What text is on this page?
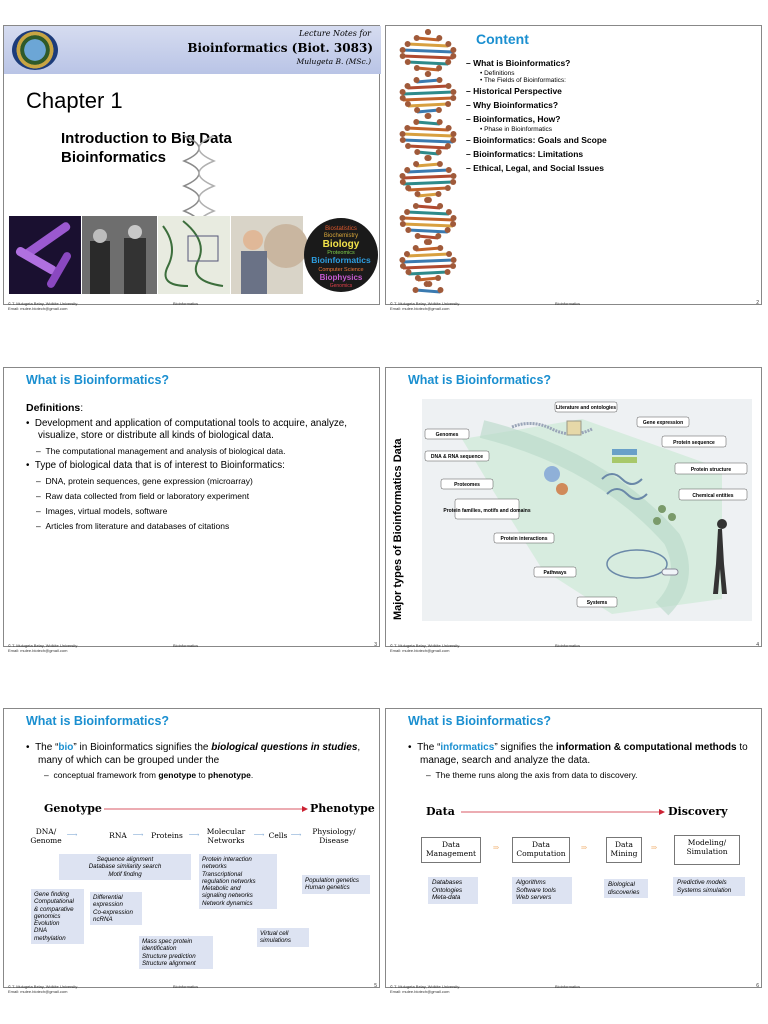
Lecture Notes for
Bioinformatics (Biot. 3083)
Mulugeta B. (MSc.)
Chapter 1
Introduction to Big Data
Bioinformatics
Biostatistics
Biochemistry
Biology
Proteomics
Bioinformatics
Computer Science
Biophysics
Genomics
© T. Mulugeta Belay, Wolkite University
Email: mulee.biotech@gmail.com
Bioinformatics
Content
– What is Bioinformatics?
• Definitions
• The Fields of Bioinformatics:
– Historical Perspective
– Why Bioinformatics?
– Bioinformatics, How?
• Phase in Bioinformatics
– Bioinformatics: Goals and Scope
– Bioinformatics: Limitations
– Ethical, Legal, and Social Issues
© T. Mulugeta Belay, Wolkite University
Email: mulee.biotech@gmail.com
Bioinformatics	2
What is Bioinformatics?
Definitions:
•  Development and application of computational tools to acquire, analyze, visualize, store or distribute all kinds of biological data.
–  The computational management and analysis of biological data.
•  Type of biological data that is of interest to Bioinformatics:
–  DNA, protein sequences, gene expression (microarray)
–  Raw data collected from field or laboratory experiment
–  Images, virtual models, software
–  Articles from literature and databases of citations
© T. Mulugeta Belay, Wolkite University
Email: mulee.biotech@gmail.com
Bioinformatics	3
What is Bioinformatics?
Major types of Bioinformatics Data
Literature and ontologies
Gene expression
Genomes
Protein sequence
DNA & RNA sequence
Protein structure
Proteomes
Chemical entities
Protein families, motifs and domains
Protein interactions
Pathways
Systems
© T. Mulugeta Belay, Wolkite University
Email: mulee.biotech@gmail.com
Bioinformatics	4
What is Bioinformatics?
•  The “bio” in Bioinformatics signifies the biological questions in studies, many of which can be grouped under the
–  conceptual framework from genotype to phenotype.
Genotype	Phenotype
DNA/
Genome
⟶	RNA ⟶	Proteins ⟶ Molecular
Networks
⟶ Cells ⟶	Physiology/
Disease
Sequence alignment
Database similarity search
Motif finding
Protein interaction
networks
Transcriptional
regulation networks
Metabolic and
signaling networks
Network dynamics
Population genetics
Human genetics
Gene finding
Computational
& comparative
genomics
Evolution
DNA
methylation
Differential
expression
Co-expression
ncRNA
Virtual cell
simulations
Mass spec protein
identification
Structure prediction
Structure alignment
© T. Mulugeta Belay, Wolkite University
Email: mulee.biotech@gmail.com
Bioinformatics	5
What is Bioinformatics?
•  The “informatics” signifies the information & computational methods to manage, search and analyze the data.
–  The theme runs along the axis from data to discovery.
Data	Discovery
Data
Management
⇒	Data
Computation
⇒	Data
Mining
⇒
Modeling/
Simulation
Databases
Ontologies
Meta-data
Algorithms
Software tools
Web servers
Biological
discoveries
Predictive models
Systems simulation
© T. Mulugeta Belay, Wolkite University
Email: mulee.biotech@gmail.com
Bioinformatics	6
